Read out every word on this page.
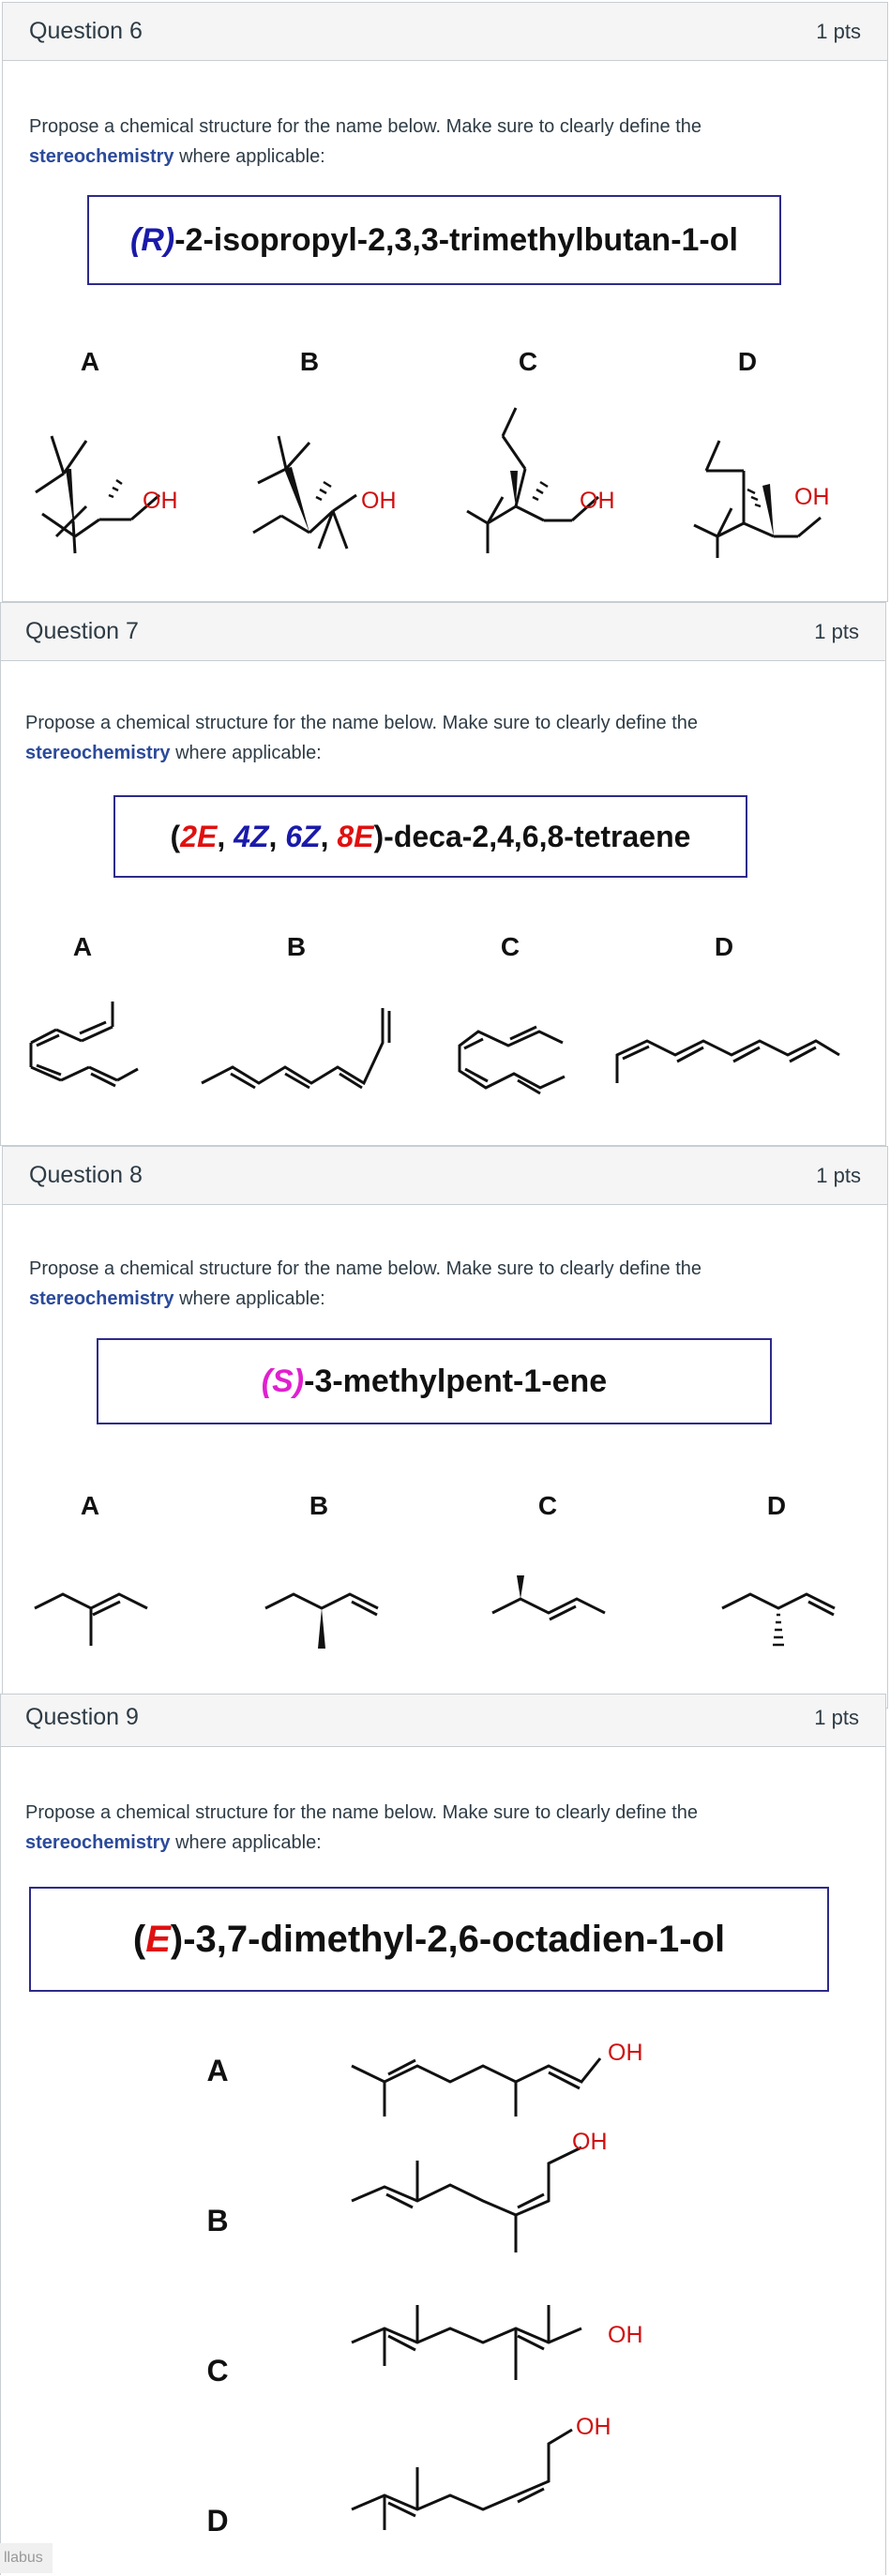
Question 6	1 pts
Propose a chemical structure for the name below. Make sure to clearly define the
stereochemistry where applicable:
(R)-2-isopropyl-2,3,3-trimethylbutan-1-ol
A	B	C	D
OH	OH	OH	OH
Question 7	1 pts
Propose a chemical structure for the name below. Make sure to clearly define the
stereochemistry where applicable:
(2E, 4Z, 6Z, 8E)-deca-2,4,6,8-tetraene
A	B	C	D
Question 8	1 pts
Propose a chemical structure for the name below. Make sure to clearly define the
stereochemistry where applicable:
(S)-3-methylpent-1-ene
A	B	C	D
Question 9	1 pts
Propose a chemical structure for the name below. Make sure to clearly define the
stereochemistry where applicable:
(E)-3,7-dimethyl-2,6-octadien-1-ol
A
B
C
D
OH
OH
OH
OH
llabus
